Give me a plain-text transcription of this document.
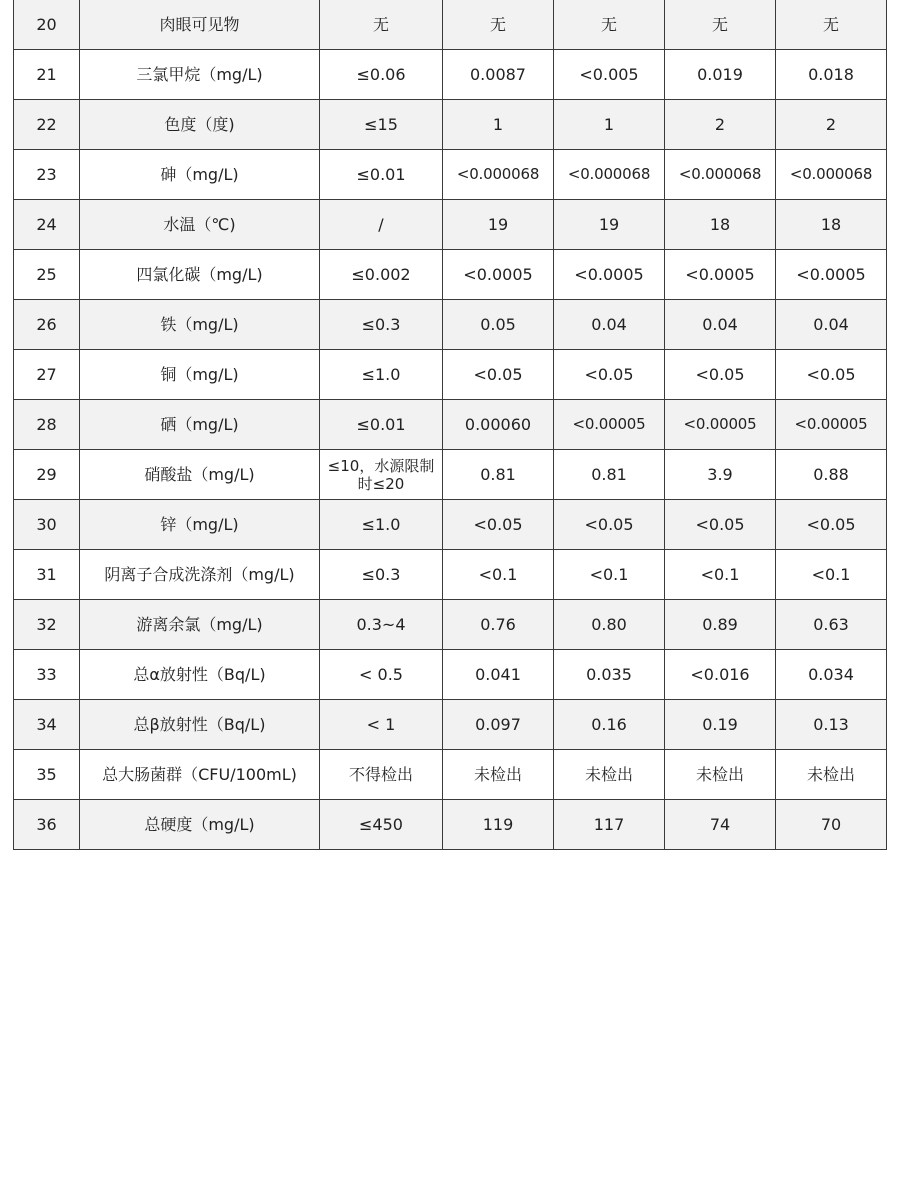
20	肉眼可见物	无	无	无	无	无
21	三氯甲烷（mg/L)	≤0.06	0.0087	<0.005	0.019	0.018
22	色度（度)	≤15	1	1	2	2
23	砷（mg/L)	≤0.01	<0.000068	<0.000068	<0.000068	<0.000068
24	水温（℃)	/	19	19	18	18
25	四氯化碳（mg/L)	≤0.002	<0.0005	<0.0005	<0.0005	<0.0005
26	铁（mg/L)	≤0.3	0.05	0.04	0.04	0.04
27	铜（mg/L)	≤1.0	<0.05	<0.05	<0.05	<0.05
28	硒（mg/L)	≤0.01	0.00060	<0.00005	<0.00005	<0.00005
29	硝酸盐（mg/L)	≤10，水源限制时≤20	0.81	0.81	3.9	0.88
30	锌（mg/L)	≤1.0	<0.05	<0.05	<0.05	<0.05
31	阴离子合成洗涤剂（mg/L)	≤0.3	<0.1	<0.1	<0.1	<0.1
32	游离余氯（mg/L)	0.3~4	0.76	0.80	0.89	0.63
33	总α放射性（Bq/L)	< 0.5	0.041	0.035	<0.016	0.034
34	总β放射性（Bq/L)	< 1	0.097	0.16	0.19	0.13
35	总大肠菌群（CFU/100mL)	不得检出	未检出	未检出	未检出	未检出
36	总硬度（mg/L)	≤450	119	117	74	70
